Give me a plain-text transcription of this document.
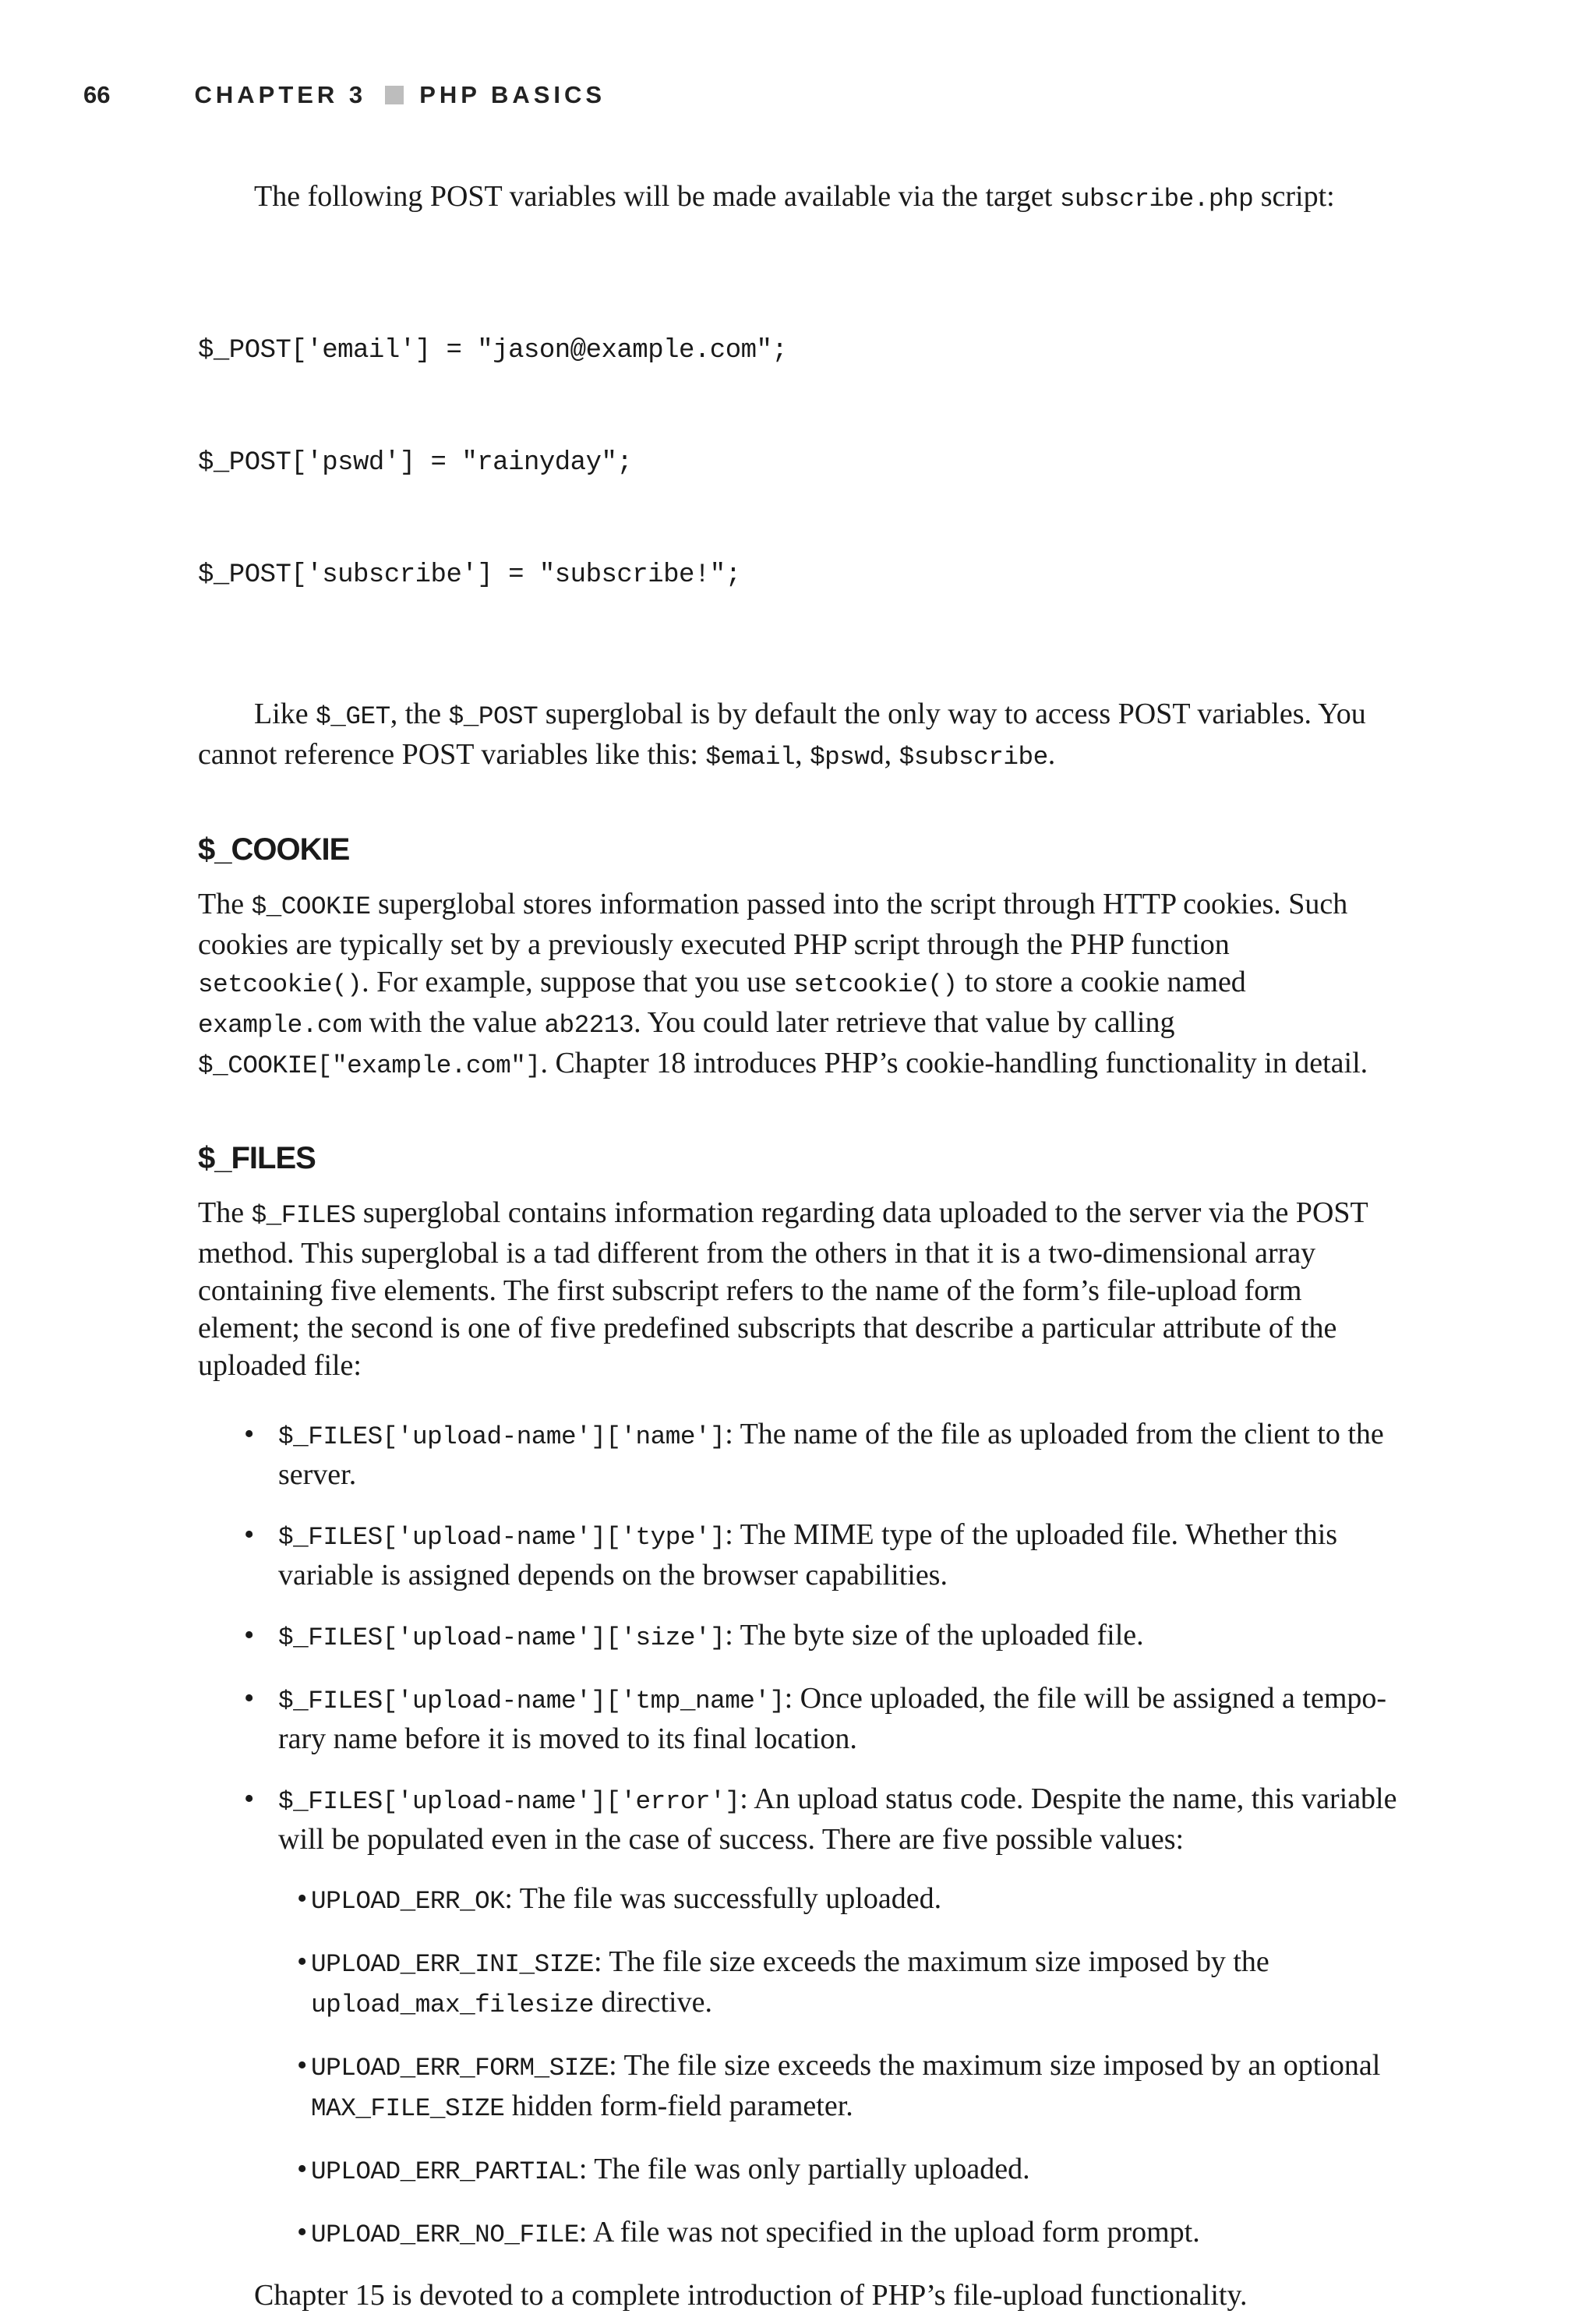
66	CHAPTER 3 PHP BASICS

The following POST variables will be made available via the target subscribe.php script:

$_POST['email'] = "jason@example.com";

$_POST['pswd'] = "rainyday";

$_POST['subscribe'] = "subscribe!";

Like $_GET, the $_POST superglobal is by default the only way to access POST variables. You cannot reference POST variables like this: $email, $pswd, $subscribe.

$_COOKIE

The $_COOKIE superglobal stores information passed into the script through HTTP cookies. Such cookies are typically set by a previously executed PHP script through the PHP function setcookie(). For example, suppose that you use setcookie() to store a cookie named example.com with the value ab2213. You could later retrieve that value by calling $_COOKIE["example.com"]. Chapter 18 introduces PHP’s cookie-handling functionality in detail.

$_FILES

The $_FILES superglobal contains information regarding data uploaded to the server via the POST method. This superglobal is a tad different from the others in that it is a two-dimensional array containing five elements. The first subscript refers to the name of the form’s file-upload form element; the second is one of five predefined subscripts that describe a particular attribute of the uploaded file:

• $_FILES['upload-name']['name']: The name of the file as uploaded from the client to the server.
• $_FILES['upload-name']['type']: The MIME type of the uploaded file. Whether this variable is assigned depends on the browser capabilities.
• $_FILES['upload-name']['size']: The byte size of the uploaded file.
• $_FILES['upload-name']['tmp_name']: Once uploaded, the file will be assigned a tempo-rary name before it is moved to its final location.
• $_FILES['upload-name']['error']: An upload status code. Despite the name, this variable will be populated even in the case of success. There are five possible values:
• UPLOAD_ERR_OK: The file was successfully uploaded.
• UPLOAD_ERR_INI_SIZE: The file size exceeds the maximum size imposed by the upload_max_filesize directive.
• UPLOAD_ERR_FORM_SIZE: The file size exceeds the maximum size imposed by an optional MAX_FILE_SIZE hidden form-field parameter.
• UPLOAD_ERR_PARTIAL: The file was only partially uploaded.
• UPLOAD_ERR_NO_FILE: A file was not specified in the upload form prompt.

Chapter 15 is devoted to a complete introduction of PHP’s file-upload functionality.
